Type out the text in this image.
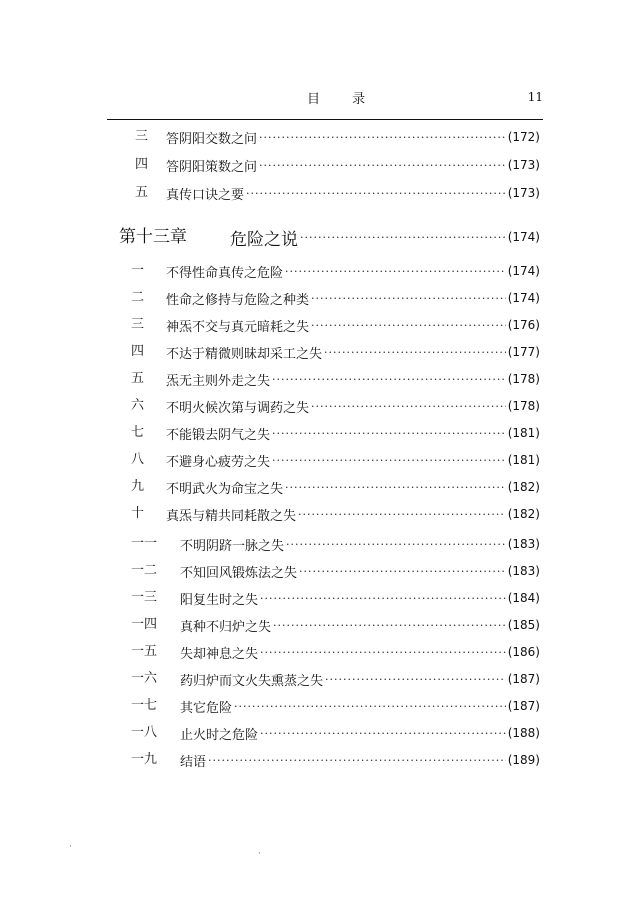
目 录	11
三 答阴阳交数之问 ·····	(172)
四 答阴阳策数之问 ·····	(173)
五 真传口诀之要 ·····	(173)
第十三章	危险之说 ·····	(174)
一 不得性命真传之危险 ·····	(174)
二 性命之修持与危险之种类 ·····	(174)
三 神炁不交与真元暗耗之失 ·····	(176)
四 不达于精微则昧却采工之失 ·····	(177)
五 炁无主则外走之失 ·····	(178)
六 不明火候次第与调药之失 ·····	(178)
七 不能锻去阴气之失 ·····	(181)
八 不避身心疲劳之失 ·····	(181)
九 不明武火为命宝之失 ·····	(182)
十 真炁与精共同耗散之失 ·····	(182)
一一 不明阴跻一脉之失 ·····	(183)
一二 不知回风锻炼法之失 ·····	(183)
一三 阳复生时之失 ·····	(184)
一四 真种不归炉之失 ·····	(185)
一五 失却神息之失 ·····	(186)
一六 药归炉而文火失熏蒸之失 ·····	(187)
一七 其它危险 ·····	(187)
一八 止火时之危险 ·····	(188)
一九 结语 ·····	(189)
·
·
